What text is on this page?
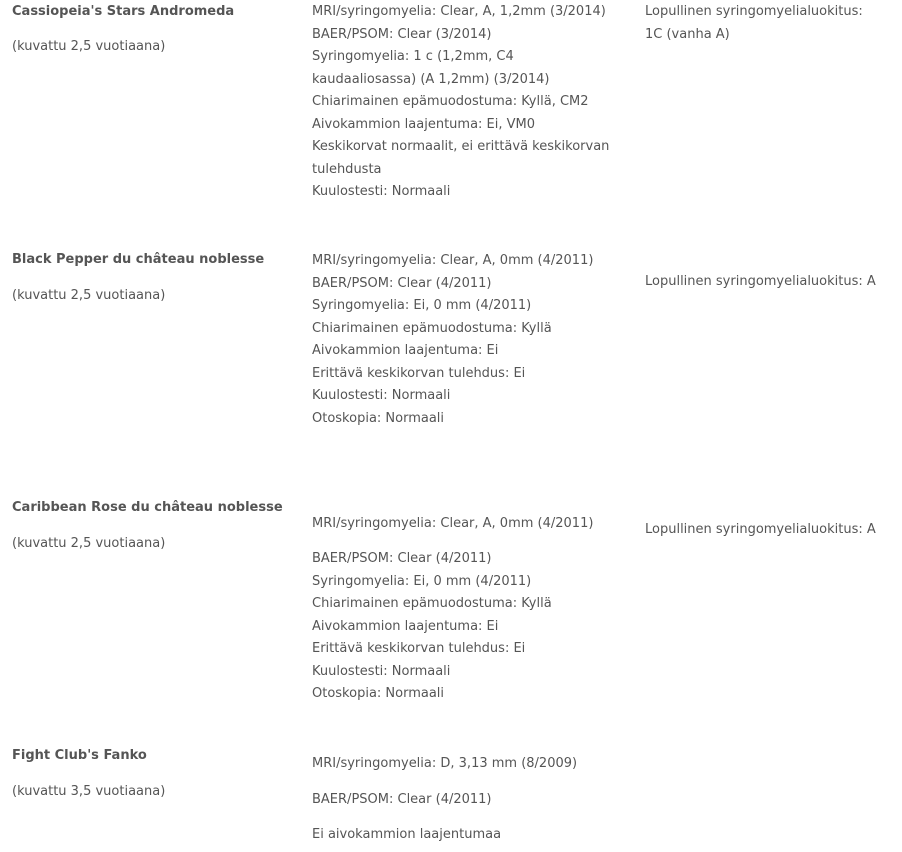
Cassiopeia's Stars Andromeda

(kuvattu 2,5 vuotiaana)

MRI/syringomyelia: Clear, A, 1,2mm (3/2014)
BAER/PSOM: Clear (3/2014)
Syringomyelia: 1 c (1,2mm, C4 kaudaaliosassa) (A 1,2mm) (3/2014)
Chiarimainen epämuodostuma: Kyllä, CM2
Aivokammion laajentuma: Ei, VM0
Keskikorvat normaalit, ei erittävä keskikorvan tulehdusta
Kuulostesti: Normaali

Lopullinen syringomyelialuokitus: 1C (vanha A)

Black Pepper du château noblesse

(kuvattu 2,5 vuotiaana)

MRI/syringomyelia: Clear, A, 0mm (4/2011)
BAER/PSOM: Clear (4/2011)
Syringomyelia: Ei, 0 mm (4/2011)
Chiarimainen epämuodostuma: Kyllä
Aivokammion laajentuma: Ei
Erittävä keskikorvan tulehdus: Ei
Kuulostesti: Normaali
Otoskopia: Normaali

Lopullinen syringomyelialuokitus: A

Caribbean Rose du château noblesse

(kuvattu 2,5 vuotiaana)

MRI/syringomyelia: Clear, A, 0mm (4/2011)

BAER/PSOM: Clear (4/2011)
Syringomyelia: Ei, 0 mm (4/2011)
Chiarimainen epämuodostuma: Kyllä
Aivokammion laajentuma: Ei
Erittävä keskikorvan tulehdus: Ei
Kuulostesti: Normaali
Otoskopia: Normaali

Lopullinen syringomyelialuokitus: A

Fight Club's Fanko

(kuvattu 3,5 vuotiaana)

MRI/syringomyelia: D, 3,13 mm (8/2009)

BAER/PSOM: Clear (4/2011)

Ei aivokammion laajentumaa
